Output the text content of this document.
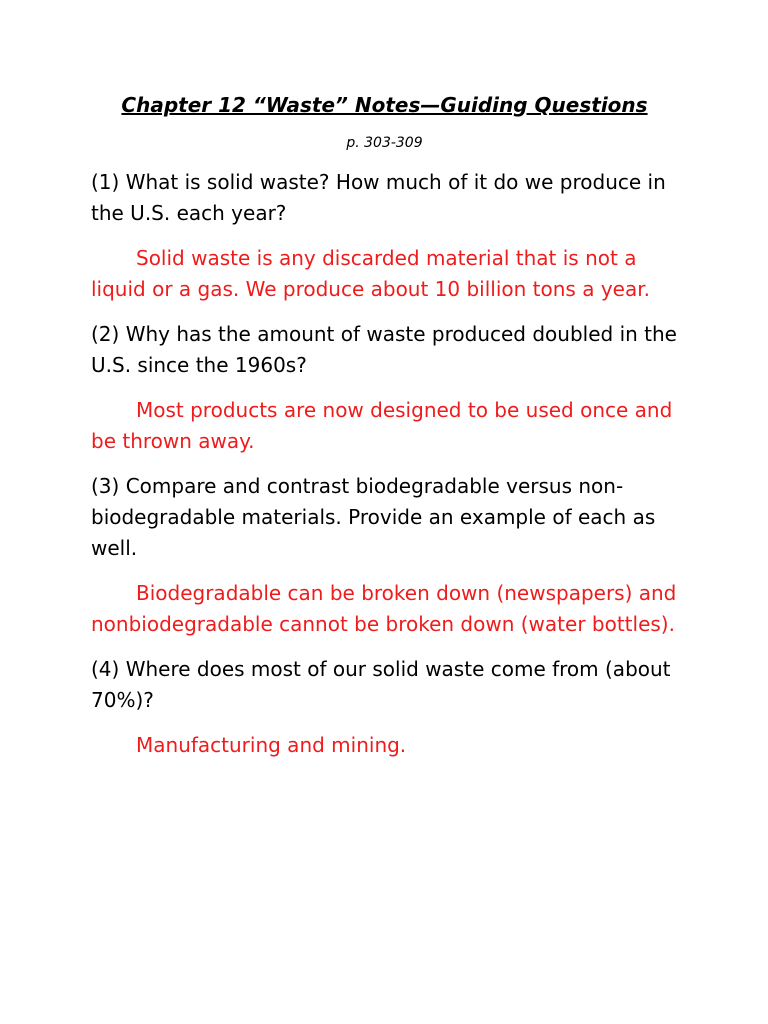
Chapter 12 “Waste” Notes—Guiding Questions

p. 303-309

(1) What is solid waste? How much of it do we produce in the U.S. each year?

Solid waste is any discarded material that is not a liquid or a gas. We produce about 10 billion tons a year.

(2) Why has the amount of waste produced doubled in the U.S. since the 1960s?

Most products are now designed to be used once and be thrown away.

(3) Compare and contrast biodegradable versus non-biodegradable materials. Provide an example of each as well.

Biodegradable can be broken down (newspapers) and nonbiodegradable cannot be broken down (water bottles).

(4) Where does most of our solid waste come from (about 70%)?

Manufacturing and mining.
